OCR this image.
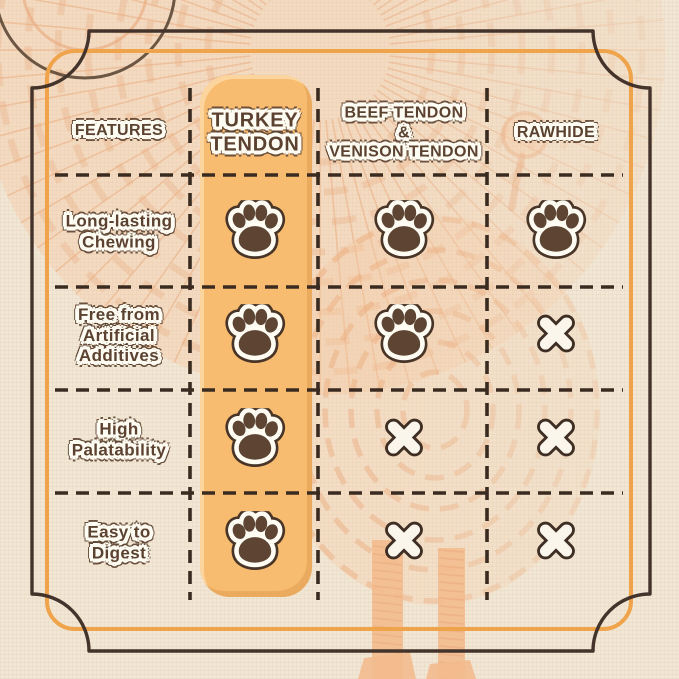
FEATURES TURKEY
TENDON
BEEF TENDON
&
VENISON TENDON
RAWHIDE
Long-lasting
Chewing
Free from
Artificial
Additives
High
Palatability
Easy to
Digest
